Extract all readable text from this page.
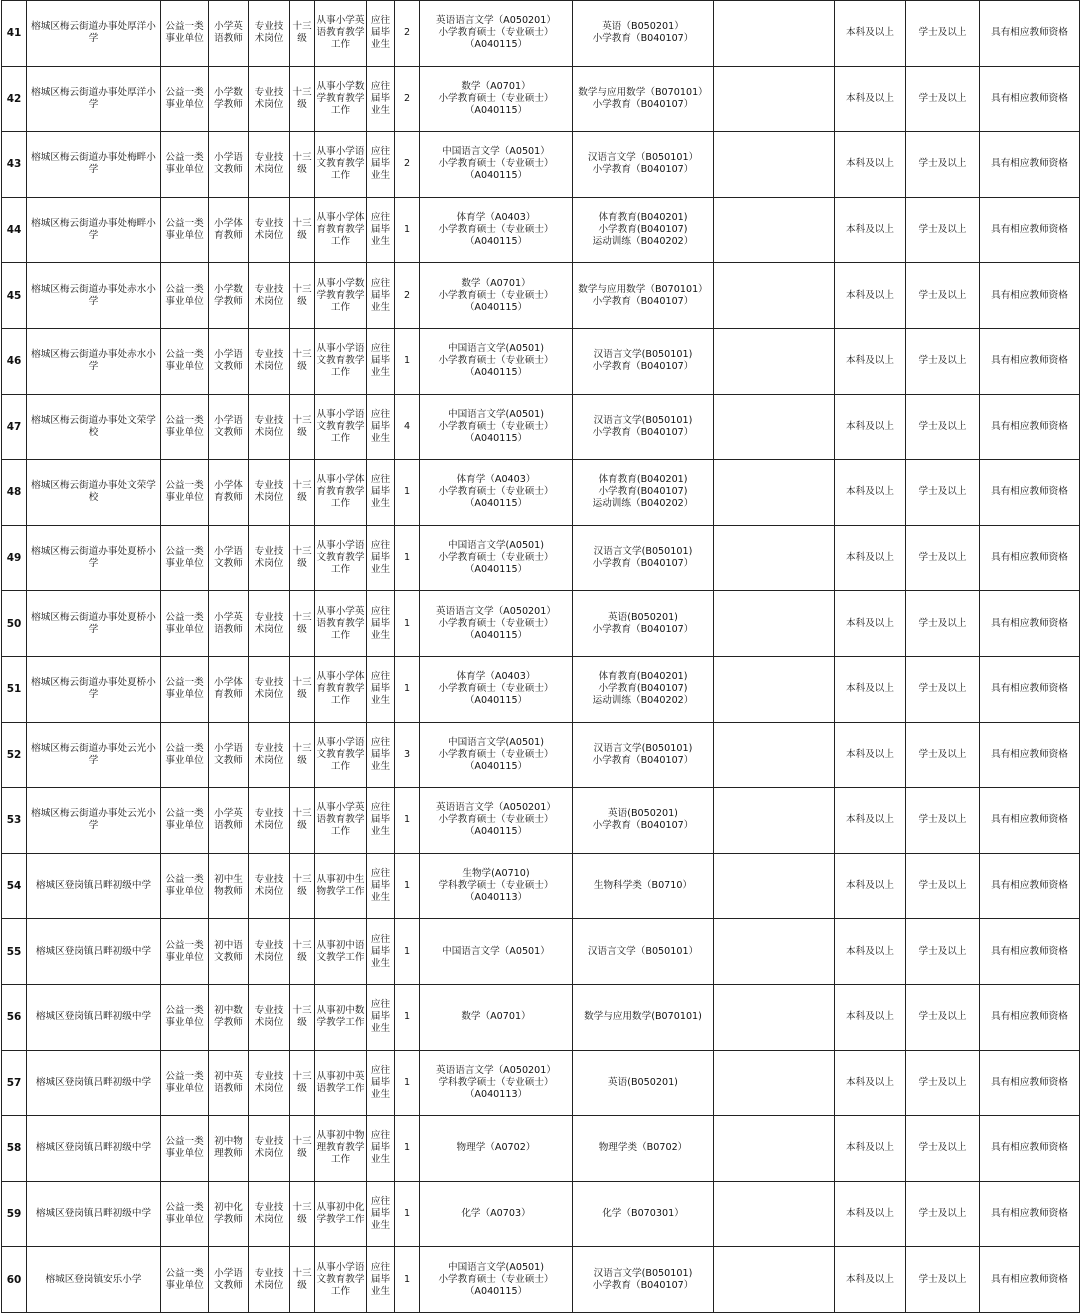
41	榕城区梅云街道办事处厚洋小学	公益一类事业单位	小学英语教师	专业技术岗位	十三级	从事小学英语教育教学工作	应往届毕业生	2	英语语言文学（A050201）
小学教育硕士（专业硕士）
（A040115）	英语（B050201）
小学教育（B040107）		本科及以上	学士及以上	具有相应教师资格
42	榕城区梅云街道办事处厚洋小学	公益一类事业单位	小学数学教师	专业技术岗位	十三级	从事小学数学教育教学工作	应往届毕业生	2	数学（A0701）
小学教育硕士（专业硕士）
（A040115）	数学与应用数学（B070101）
小学教育（B040107）		本科及以上	学士及以上	具有相应教师资格
43	榕城区梅云街道办事处梅畔小学	公益一类事业单位	小学语文教师	专业技术岗位	十三级	从事小学语文教育教学工作	应往届毕业生	2	中国语言文学（A0501）
小学教育硕士（专业硕士）
（A040115）	汉语言文学（B050101）
小学教育（B040107）		本科及以上	学士及以上	具有相应教师资格
44	榕城区梅云街道办事处梅畔小学	公益一类事业单位	小学体育教师	专业技术岗位	十三级	从事小学体育教育教学工作	应往届毕业生	1	体育学（A0403）
小学教育硕士（专业硕士）
（A040115）	体育教育(B040201)
小学教育(B040107)
运动训练（B040202）		本科及以上	学士及以上	具有相应教师资格
45	榕城区梅云街道办事处赤水小学	公益一类事业单位	小学数学教师	专业技术岗位	十三级	从事小学数学教育教学工作	应往届毕业生	2	数学（A0701）
小学教育硕士（专业硕士）
（A040115）	数学与应用数学（B070101）
小学教育（B040107）		本科及以上	学士及以上	具有相应教师资格
46	榕城区梅云街道办事处赤水小学	公益一类事业单位	小学语文教师	专业技术岗位	十三级	从事小学语文教育教学工作	应往届毕业生	1	中国语言文学(A0501)
小学教育硕士（专业硕士）
（A040115）	汉语言文学(B050101)
小学教育（B040107）		本科及以上	学士及以上	具有相应教师资格
47	榕城区梅云街道办事处文荣学校	公益一类事业单位	小学语文教师	专业技术岗位	十三级	从事小学语文教育教学工作	应往届毕业生	4	中国语言文学(A0501)
小学教育硕士（专业硕士）
（A040115）	汉语言文学(B050101)
小学教育（B040107）		本科及以上	学士及以上	具有相应教师资格
48	榕城区梅云街道办事处文荣学校	公益一类事业单位	小学体育教师	专业技术岗位	十三级	从事小学体育教育教学工作	应往届毕业生	1	体育学（A0403）
小学教育硕士（专业硕士）
（A040115）	体育教育(B040201)
小学教育(B040107)
运动训练（B040202）		本科及以上	学士及以上	具有相应教师资格
49	榕城区梅云街道办事处夏桥小学	公益一类事业单位	小学语文教师	专业技术岗位	十三级	从事小学语文教育教学工作	应往届毕业生	1	中国语言文学(A0501)
小学教育硕士（专业硕士）
（A040115）	汉语言文学(B050101)
小学教育（B040107）		本科及以上	学士及以上	具有相应教师资格
50	榕城区梅云街道办事处夏桥小学	公益一类事业单位	小学英语教师	专业技术岗位	十三级	从事小学英语教育教学工作	应往届毕业生	1	英语语言文学（A050201）
小学教育硕士（专业硕士）
（A040115）	英语(B050201)
小学教育（B040107）		本科及以上	学士及以上	具有相应教师资格
51	榕城区梅云街道办事处夏桥小学	公益一类事业单位	小学体育教师	专业技术岗位	十三级	从事小学体育教育教学工作	应往届毕业生	1	体育学（A0403）
小学教育硕士（专业硕士）
（A040115）	体育教育(B040201)
小学教育(B040107)
运动训练（B040202）		本科及以上	学士及以上	具有相应教师资格
52	榕城区梅云街道办事处云光小学	公益一类事业单位	小学语文教师	专业技术岗位	十三级	从事小学语文教育教学工作	应往届毕业生	3	中国语言文学(A0501)
小学教育硕士（专业硕士）
（A040115）	汉语言文学(B050101)
小学教育（B040107）		本科及以上	学士及以上	具有相应教师资格
53	榕城区梅云街道办事处云光小学	公益一类事业单位	小学英语教师	专业技术岗位	十三级	从事小学英语教育教学工作	应往届毕业生	1	英语语言文学（A050201）
小学教育硕士（专业硕士）
（A040115）	英语(B050201)
小学教育（B040107）		本科及以上	学士及以上	具有相应教师资格
54	榕城区登岗镇吕畔初级中学	公益一类事业单位	初中生物教师	专业技术岗位	十三级	从事初中生物教学工作	应往届毕业生	1	生物学(A0710)
学科教学硕士（专业硕士）
（A040113）	生物科学类（B0710）		本科及以上	学士及以上	具有相应教师资格
55	榕城区登岗镇吕畔初级中学	公益一类事业单位	初中语文教师	专业技术岗位	十三级	从事初中语文教学工作	应往届毕业生	1	中国语言文学（A0501）	汉语言文学（B050101）		本科及以上	学士及以上	具有相应教师资格
56	榕城区登岗镇吕畔初级中学	公益一类事业单位	初中数学教师	专业技术岗位	十三级	从事初中数学教学工作	应往届毕业生	1	数学（A0701）	数学与应用数学(B070101)		本科及以上	学士及以上	具有相应教师资格
57	榕城区登岗镇吕畔初级中学	公益一类事业单位	初中英语教师	专业技术岗位	十三级	从事初中英语教学工作	应往届毕业生	1	英语语言文学（A050201）
学科教学硕士（专业硕士）
（A040113）	英语(B050201)		本科及以上	学士及以上	具有相应教师资格
58	榕城区登岗镇吕畔初级中学	公益一类事业单位	初中物理教师	专业技术岗位	十三级	从事初中物理教育教学工作	应往届毕业生	1	物理学（A0702）	物理学类（B0702）		本科及以上	学士及以上	具有相应教师资格
59	榕城区登岗镇吕畔初级中学	公益一类事业单位	初中化学教师	专业技术岗位	十三级	从事初中化学教学工作	应往届毕业生	1	化学（A0703）	化学（B070301）		本科及以上	学士及以上	具有相应教师资格
60	榕城区登岗镇安乐小学	公益一类事业单位	小学语文教师	专业技术岗位	十三级	从事小学语文教育教学工作	应往届毕业生	1	中国语言文学(A0501)
小学教育硕士（专业硕士）
（A040115）	汉语言文学(B050101)
小学教育（B040107）		本科及以上	学士及以上	具有相应教师资格
